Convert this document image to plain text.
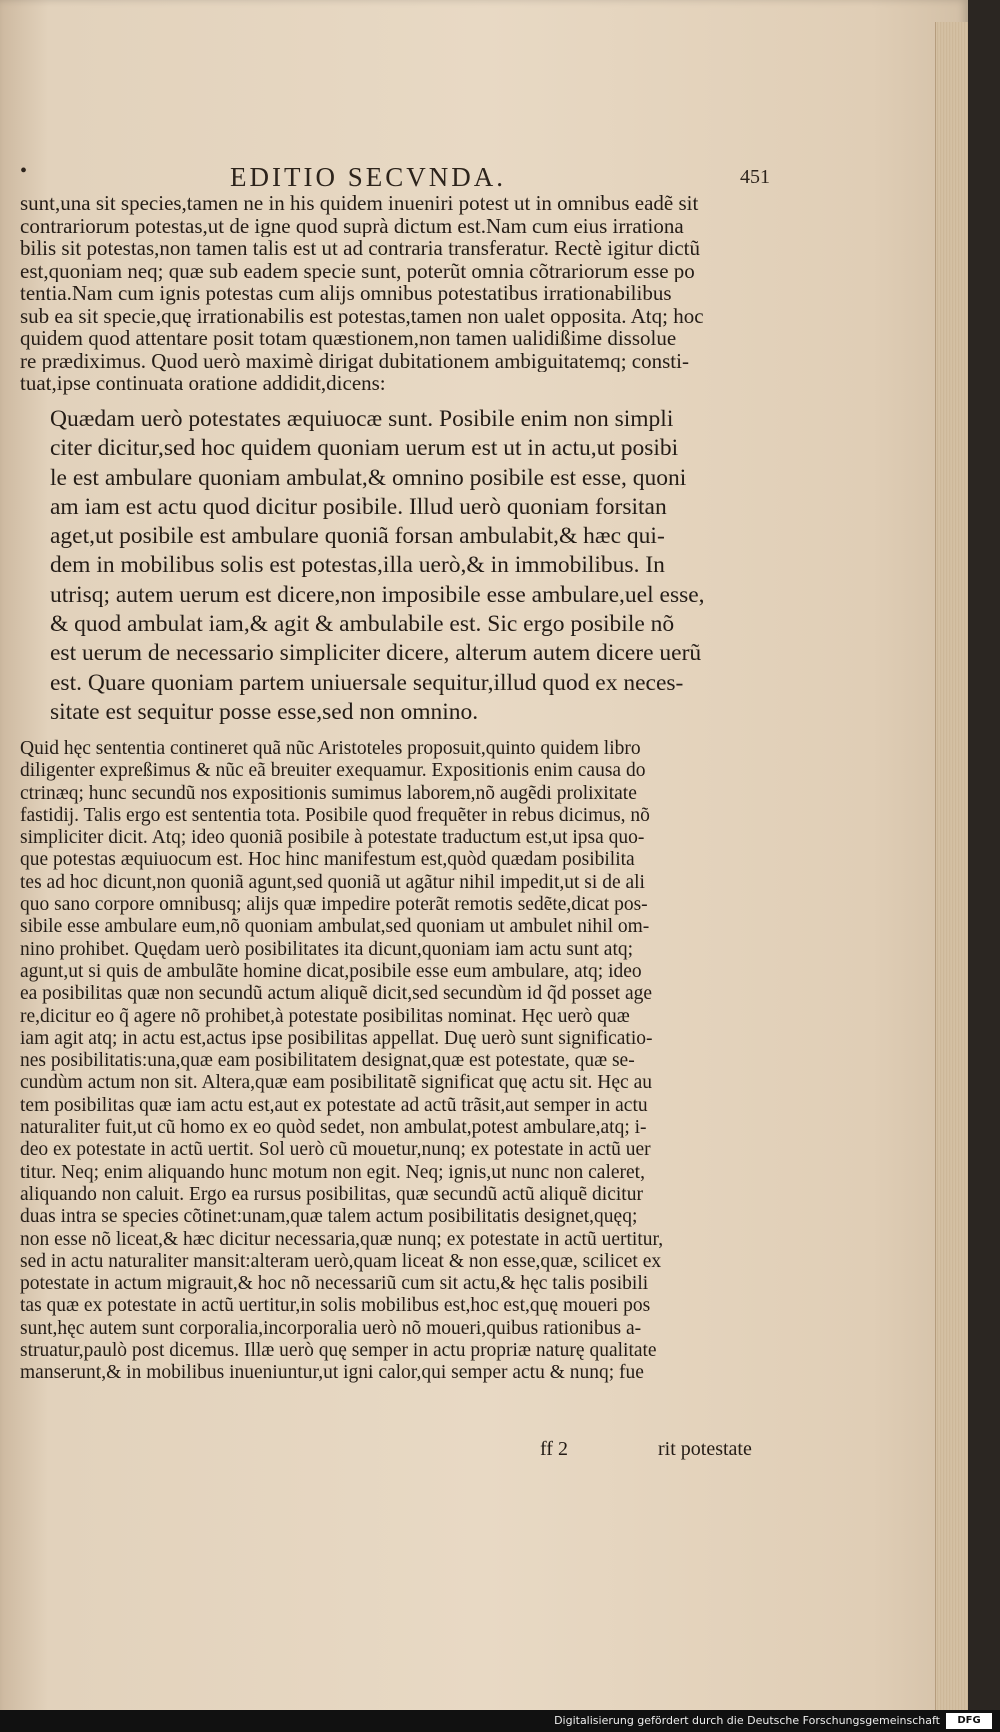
•	EDITIO SECVNDA.	451
sunt,una sit species,tamen ne in his quidem inueniri potest ut in omnibus eadẽ sit
contrariorum potestas,ut de igne quod suprà dictum est.Nam cum eius irrationa
bilis sit potestas,non tamen talis est ut ad contraria transferatur. Rectè igitur dictũ
est,quoniam neq; quæ sub eadem specie sunt, poterũt omnia cõtrariorum esse po
tentia.Nam cum ignis potestas cum alijs omnibus potestatibus irrationabilibus
sub ea sit specie,quę irrationabilis est potestas,tamen non ualet opposita. Atq; hoc
quidem quod attentare posit totam quæstionem,non tamen ualidißime dissolue
re prædiximus. Quod uerò maximè dirigat dubitationem ambiguitatemq; consti-
tuat,ipse continuata oratione addidit,dicens:
Quædam uerò potestates æquiuocæ sunt. Posibile enim non simpli
citer dicitur,sed hoc quidem quoniam uerum est ut in actu,ut posibi
le est ambulare quoniam ambulat,& omnino posibile est esse, quoni
am iam est actu quod dicitur posibile. Illud uerò quoniam forsitan
aget,ut posibile est ambulare quoniã forsan ambulabit,& hæc qui-
dem in mobilibus solis est potestas,illa uerò,& in immobilibus. In
utrisq; autem uerum est dicere,non imposibile esse ambulare,uel esse,
& quod ambulat iam,& agit & ambulabile est. Sic ergo posibile nõ
est uerum de necessario simpliciter dicere, alterum autem dicere uerũ
est. Quare quoniam partem uniuersale sequitur,illud quod ex neces-
sitate est sequitur posse esse,sed non omnino.
Quid hęc sententia contineret quã nũc Aristoteles proposuit,quinto quidem libro
diligenter expreßimus & nũc eã breuiter exequamur. Expositionis enim causa do
ctrinæq; hunc secundũ nos expositionis sumimus laborem,nõ augẽdi prolixitate
fastidij. Talis ergo est sententia tota. Posibile quod frequẽter in rebus dicimus, nõ
simpliciter dicit. Atq; ideo quoniã posibile à potestate traductum est,ut ipsa quo-
que potestas æquiuocum est. Hoc hinc manifestum est,quòd quædam posibilita
tes ad hoc dicunt,non quoniã agunt,sed quoniã ut agãtur nihil impedit,ut si de ali
quo sano corpore omnibusq; alijs quæ impedire poterãt remotis sedẽte,dicat pos-
sibile esse ambulare eum,nõ quoniam ambulat,sed quoniam ut ambulet nihil om-
nino prohibet. Quędam uerò posibilitates ita dicunt,quoniam iam actu sunt atq;
agunt,ut si quis de ambulãte homine dicat,posibile esse eum ambulare, atq; ideo
ea posibilitas quæ non secundũ actum aliquẽ dicit,sed secundùm id q̃d posset age
re,dicitur eo q̃ agere nõ prohibet,à potestate posibilitas nominat. Hęc uerò quæ
iam agit atq; in actu est,actus ipse posibilitas appellat. Duę uerò sunt significatio-
nes posibilitatis:una,quæ eam posibilitatem designat,quæ est potestate, quæ se-
cundùm actum non sit. Altera,quæ eam posibilitatẽ significat quę actu sit. Hęc au
tem posibilitas quæ iam actu est,aut ex potestate ad actũ trãsit,aut semper in actu
naturaliter fuit,ut cũ homo ex eo quòd sedet, non ambulat,potest ambulare,atq; i-
deo ex potestate in actũ uertit. Sol uerò cũ mouetur,nunq; ex potestate in actũ uer
titur. Neq; enim aliquando hunc motum non egit. Neq; ignis,ut nunc non caleret,
aliquando non caluit. Ergo ea rursus posibilitas, quæ secundũ actũ aliquẽ dicitur
duas intra se species cõtinet:unam,quæ talem actum posibilitatis designet,quęq;
non esse nõ liceat,& hæc dicitur necessaria,quæ nunq; ex potestate in actũ uertitur,
sed in actu naturaliter mansit:alteram uerò,quam liceat & non esse,quæ, scilicet ex
potestate in actum migrauit,& hoc nõ necessariũ cum sit actu,& hęc talis posibili
tas quæ ex potestate in actũ uertitur,in solis mobilibus est,hoc est,quę moueri pos
sunt,hęc autem sunt corporalia,incorporalia uerò nõ moueri,quibus rationibus a-
struatur,paulò post dicemus. Illæ uerò quę semper in actu propriæ naturę qualitate
manserunt,& in mobilibus inueniuntur,ut igni calor,qui semper actu & nunq; fue
ff 2	rit potestate
Digitalisierung gefördert durch die Deutsche Forschungsgemeinschaft	DFG
